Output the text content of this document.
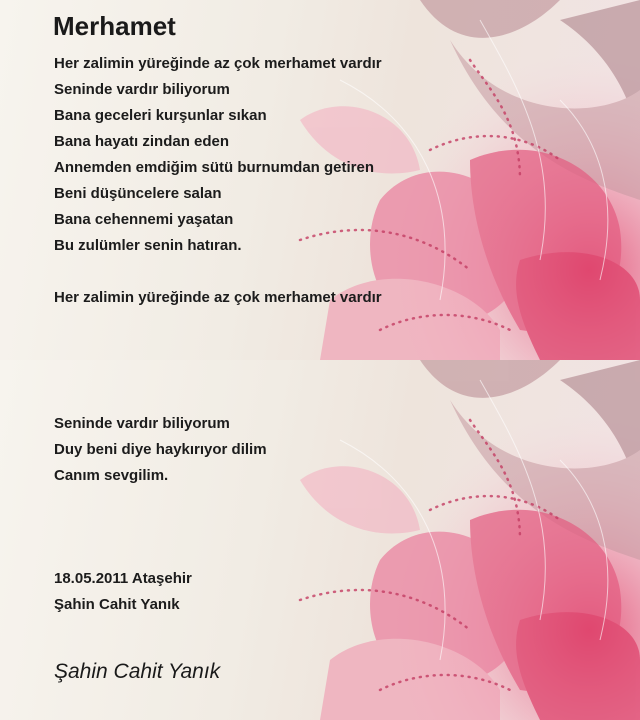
Merhamet

Her zalimin yüreğinde az çok merhamet vardır

Seninde vardır biliyorum

Bana geceleri kurşunlar sıkan

Bana hayatı zindan eden

Annemden emdiğim sütü burnumdan getiren

Beni düşüncelere salan

Bana cehennemi yaşatan

Bu zulümler senin hatıran.

Her zalimin yüreğinde az çok merhamet vardır

Seninde vardır biliyorum

Duy beni diye haykırıyor dilim

Canım sevgilim.

18.05.2011 Ataşehir

Şahin Cahit Yanık

Şahin Cahit Yanık
